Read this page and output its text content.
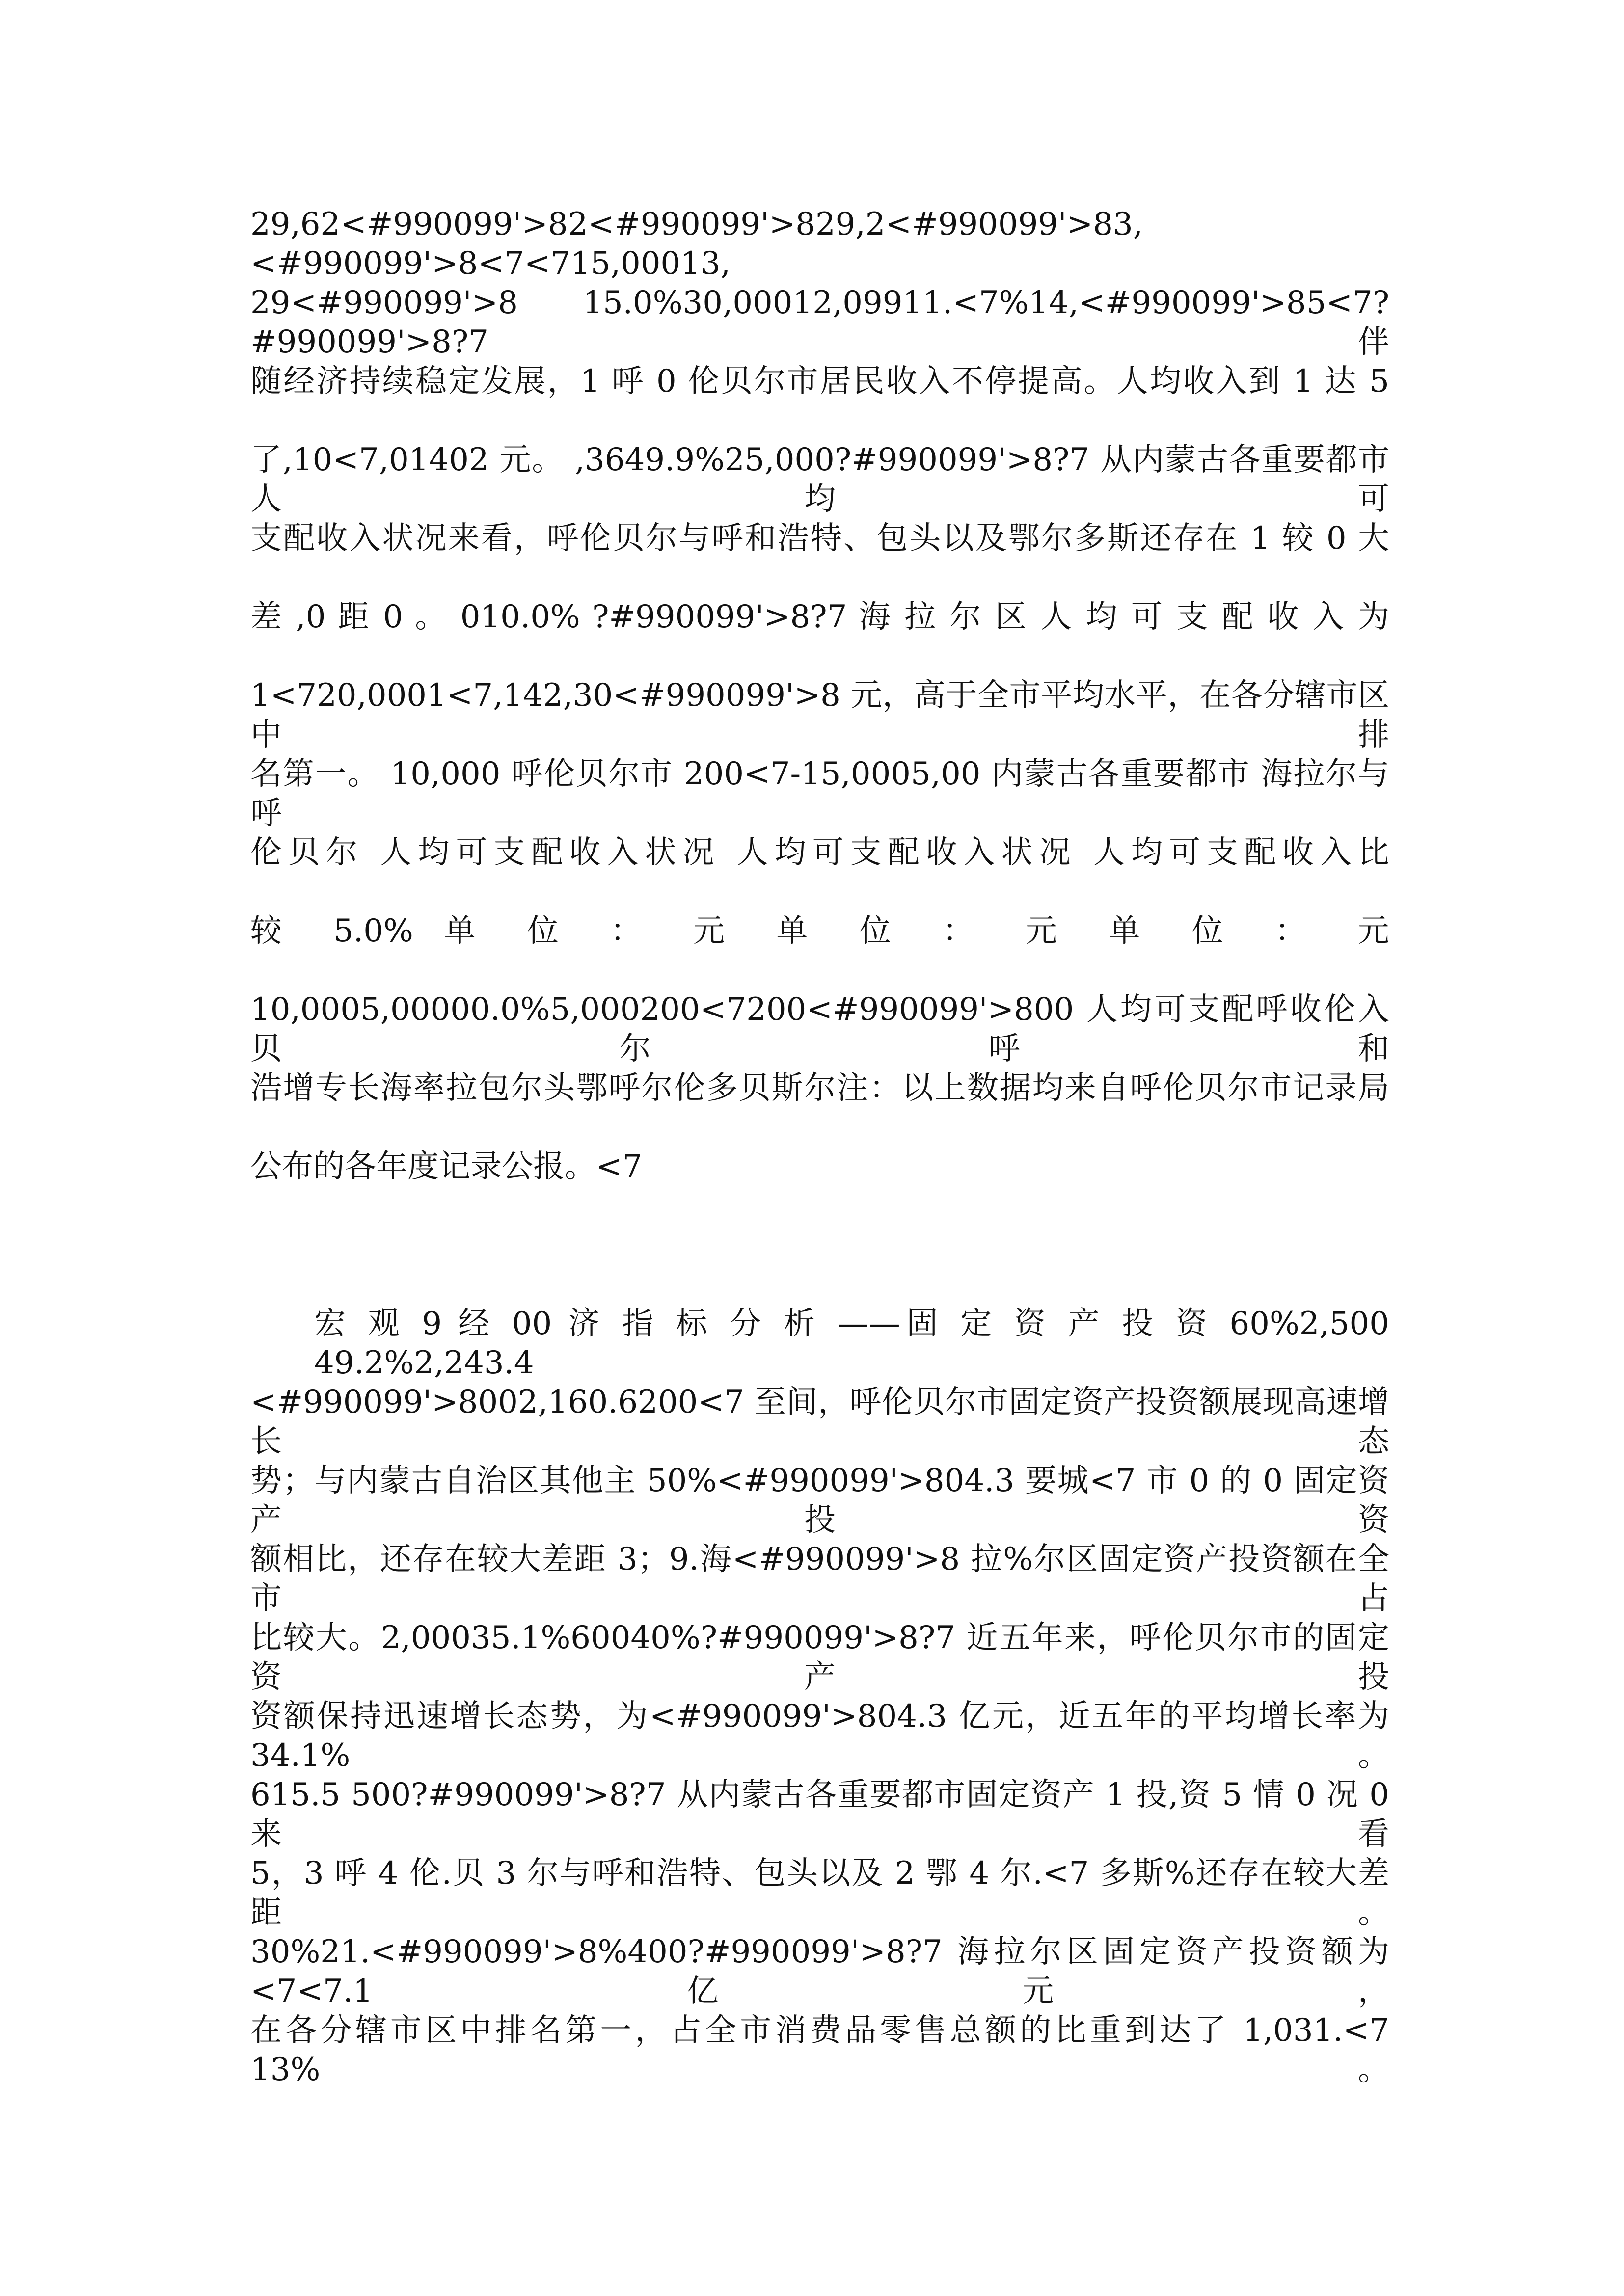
29,62<#990099'>82<#990099'>829,2<#990099'>83,<#990099'>8<7<715,00013,
29<#990099'>8 15.0%30,00012,09911.<7%14,<#990099'>85<7?#990099'>8?7 伴
随经济持续稳定发展，1 呼 0 伦贝尔市居民收入不停提高。人均收入到 1 达 5
了,10<7,01402 元。 ,3649.9%25,000?#990099'>8?7 从内蒙古各重要都市人均可
支配收入状况来看，呼伦贝尔与呼和浩特、包头以及鄂尔多斯还存在 1 较 0 大
差 ,0 距 0 。 010.0% ?#990099'>8?7 海 拉 尔 区 人 均 可 支 配 收 入 为
1<720,0001<7,142,30<#990099'>8 元，高于全市平均水平，在各分辖市区中排
名第一。 10,000 呼伦贝尔市 200<7-15,0005,00 内蒙古各重要都市 海拉尔与呼
伦贝尔 人均可支配收入状况 人均可支配收入状况 人均可支配收入比
较 5.0% 单 位 ： 元 单 位 ： 元 单 位 ： 元
10,0005,00000.0%5,000200<7200<#990099'>800 人均可支配呼收伦入贝尔呼和
浩增专长海率拉包尔头鄂呼尔伦多贝斯尔注：以上数据均来自呼伦贝尔市记录局
公布的各年度记录公报。<7
宏 观 9 经 00 济 指 标 分 析 ——固 定 资 产 投 资 60%2,500 49.2%2,243.4
<#990099'>8002,160.6200<7 至间，呼伦贝尔市固定资产投资额展现高速增长态
势；与内蒙古自治区其他主 50%<#990099'>804.3 要城<7 市 0 的 0 固定资产投资
额相比，还存在较大差距 3；9.海<#990099'>8 拉%尔区固定资产投资额在全市占
比较大。2,00035.1%60040%?#990099'>8?7 近五年来，呼伦贝尔市的固定资产投
资额保持迅速增长态势，为<#990099'>804.3 亿元，近五年的平均增长率为 34.1%。
615.5 500?#990099'>8?7 从内蒙古各重要都市固定资产 1 投,资 5 情 0 况 0 来看
5，3 呼 4 伦.贝 3 尔与呼和浩特、包头以及 2 鄂 4 尔.<7 多斯%还存在较大差距。
30%21.<#990099'>8%400?#990099'>8?7 海拉尔区固定资产投资额为<7<7.1 亿元，
在各分辖市区中排名第一，占全市消费品零售总额的比重到达了 1,031.<7 13%。
